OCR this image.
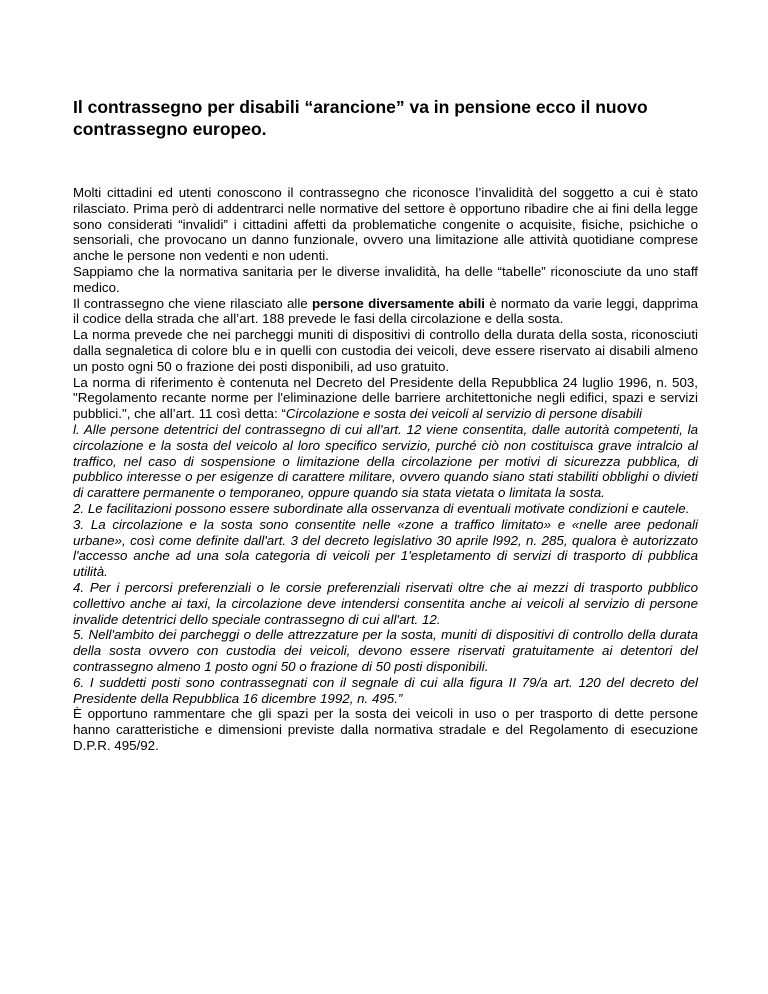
Il contrassegno per disabili “arancione” va in pensione ecco il nuovo contrassegno europeo.

Molti cittadini ed utenti conoscono il contrassegno che riconosce l’invalidità del soggetto a cui è stato rilasciato. Prima però di addentrarci nelle normative del settore è opportuno ribadire che ai fini della legge sono considerati “invalidi” i cittadini affetti da problematiche congenite o acquisite, fisiche, psichiche o sensoriali, che provocano un danno funzionale, ovvero una limitazione alle attività quotidiane comprese anche le persone non vedenti e non udenti.

Sappiamo che la normativa sanitaria per le diverse invalidità, ha delle “tabelle” riconosciute da uno staff medico.

Il contrassegno che viene rilasciato alle persone diversamente abili è normato da varie leggi, dapprima il codice della strada che all’art. 188 prevede le fasi della circolazione e della sosta.

La norma prevede che nei parcheggi muniti di dispositivi di controllo della durata della sosta, riconosciuti dalla segnaletica di colore blu e in quelli con custodia dei veicoli, deve essere riservato ai disabili almeno un posto ogni 50 o frazione dei posti disponibili, ad uso gratuito.

La norma di riferimento è contenuta nel Decreto del Presidente della Repubblica 24 luglio 1996, n. 503, "Regolamento recante norme per l'eliminazione delle barriere architettoniche negli edifici, spazi e servizi pubblici.", che all’art. 11 così detta: “Circolazione e sosta dei veicoli al servizio di persone disabili

l. Alle persone detentrici del contrassegno di cui all'art. 12 viene consentita, dalle autorità competenti, la circolazione e la sosta del veicolo al loro specifico servizio, purché ciò non costituisca grave intralcio al traffico, nel caso di sospensione o limitazione della circolazione per motivi di sicurezza pubblica, di pubblico interesse o per esigenze di carattere militare, ovvero quando siano stati stabiliti obblighi o divieti di carattere permanente o temporaneo, oppure quando sia stata vietata o limitata la sosta.

2. Le facilitazioni possono essere subordinate alla osservanza di eventuali motivate condizioni e cautele.

3. La circolazione e la sosta sono consentite nelle «zone a traffico limitato» e «nelle aree pedonali urbane», così come definite dall'art. 3 del decreto legislativo 30 aprile l992, n. 285, qualora è autorizzato l'accesso anche ad una sola categoria di veicoli per 1'espletamento di servizi di trasporto di pubblica utilità.

4. Per i percorsi preferenziali o le corsie preferenziali riservati oltre che ai mezzi di trasporto pubblico collettivo anche ai taxi, la circolazione deve intendersi consentita anche ai veicoli al servizio di persone invalide detentrici dello speciale contrassegno di cui all'art. 12.

5. Nell'ambito dei parcheggi o delle attrezzature per la sosta, muniti di dispositivi di controllo della durata della sosta ovvero con custodia dei veicoli, devono essere riservati gratuitamente ai detentori del contrassegno almeno 1 posto ogni 50 o frazione di 50 posti disponibili.

6. I suddetti posti sono contrassegnati con il segnale di cui alla figura II 79/a art. 120 del decreto del Presidente della Repubblica 16 dicembre 1992, n. 495.”

È opportuno rammentare che gli spazi per la sosta dei veicoli in uso o per trasporto di dette persone hanno caratteristiche e dimensioni previste dalla normativa stradale e del Regolamento di esecuzione D.P.R. 495/92.
